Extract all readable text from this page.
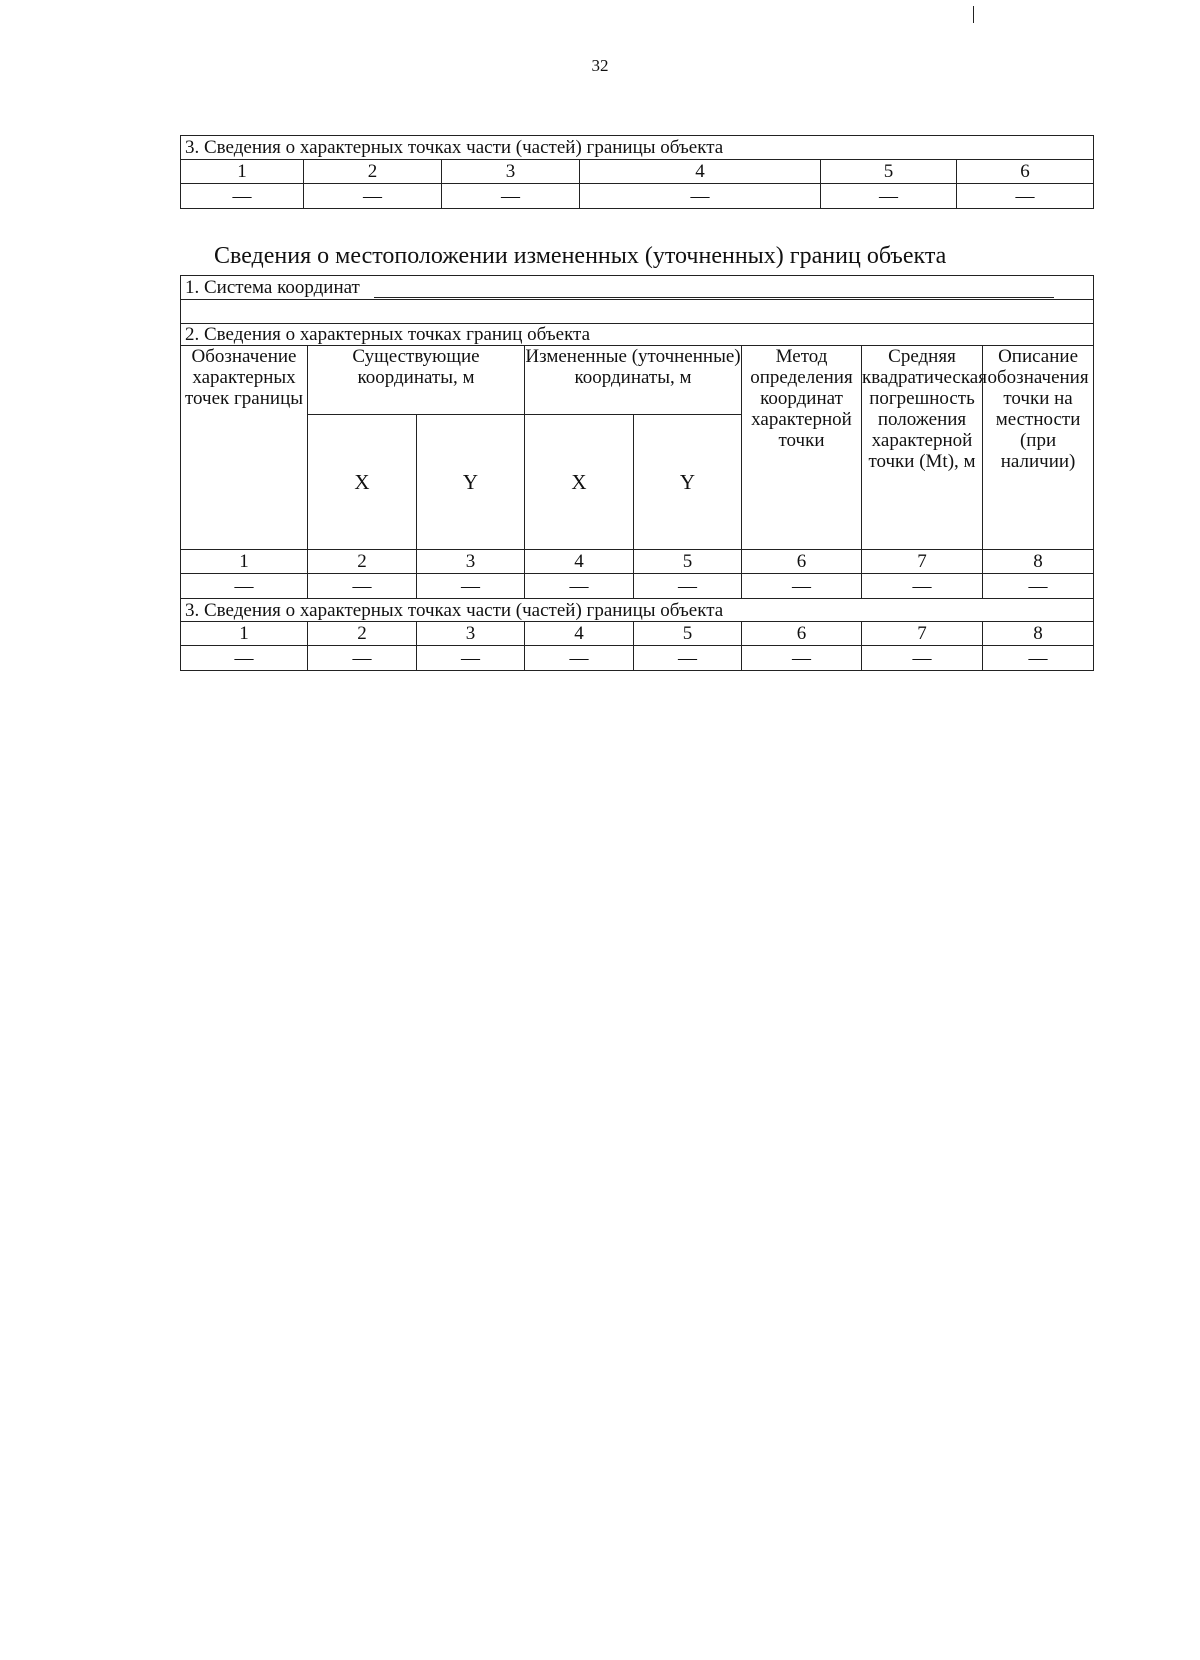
32
3. Сведения о характерных точках части (частей) границы объекта					
1	2	3	4	5	6
—	—	—	—	—	—
Сведения о местоположении измененных (уточненных) границ объекта
1. Система координат							

2. Сведения о характерных точках границ объекта							
Обозначение характерных точек границы	Существующие координаты, м		Измененные (уточненные) координаты, м		Метод определения координат характерной точки	Средняя квадратическая погрешность положения характерной точки (Mt), м	Описание обозначения точки на местности (при наличии)
	X	Y	X	Y			
1	2	3	4	5	6	7	8
—	—	—	—	—	—	—	—
3. Сведения о характерных точках части (частей) границы объекта							
1	2	3	4	5	6	7	8
—	—	—	—	—	—	—	—
